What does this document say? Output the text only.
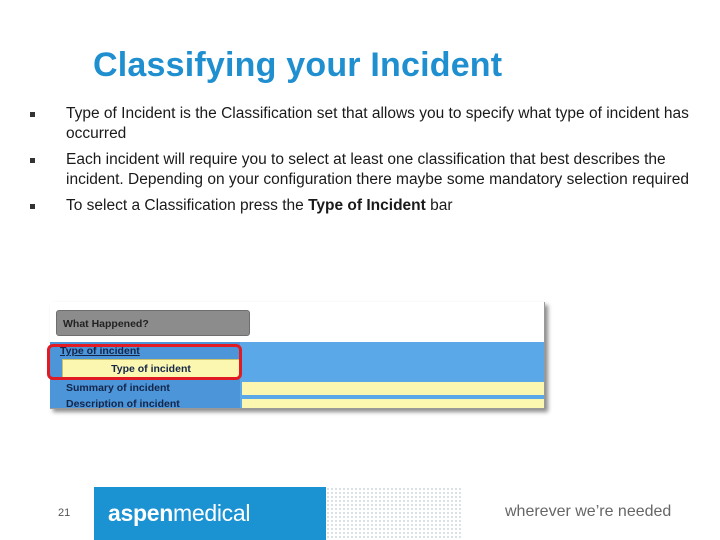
Classifying your Incident
Type of Incident is the Classification set that allows you to specify what type of incident has occurred
Each incident will require you to select at least one classification that best describes the incident. Depending on your configuration there maybe some mandatory selection required
To select a Classification press the Type of Incident bar
What Happened?
Type of incident
Type of incident
Summary of incident
Description of incident
21 aspenmedical	wherever we’re needed
